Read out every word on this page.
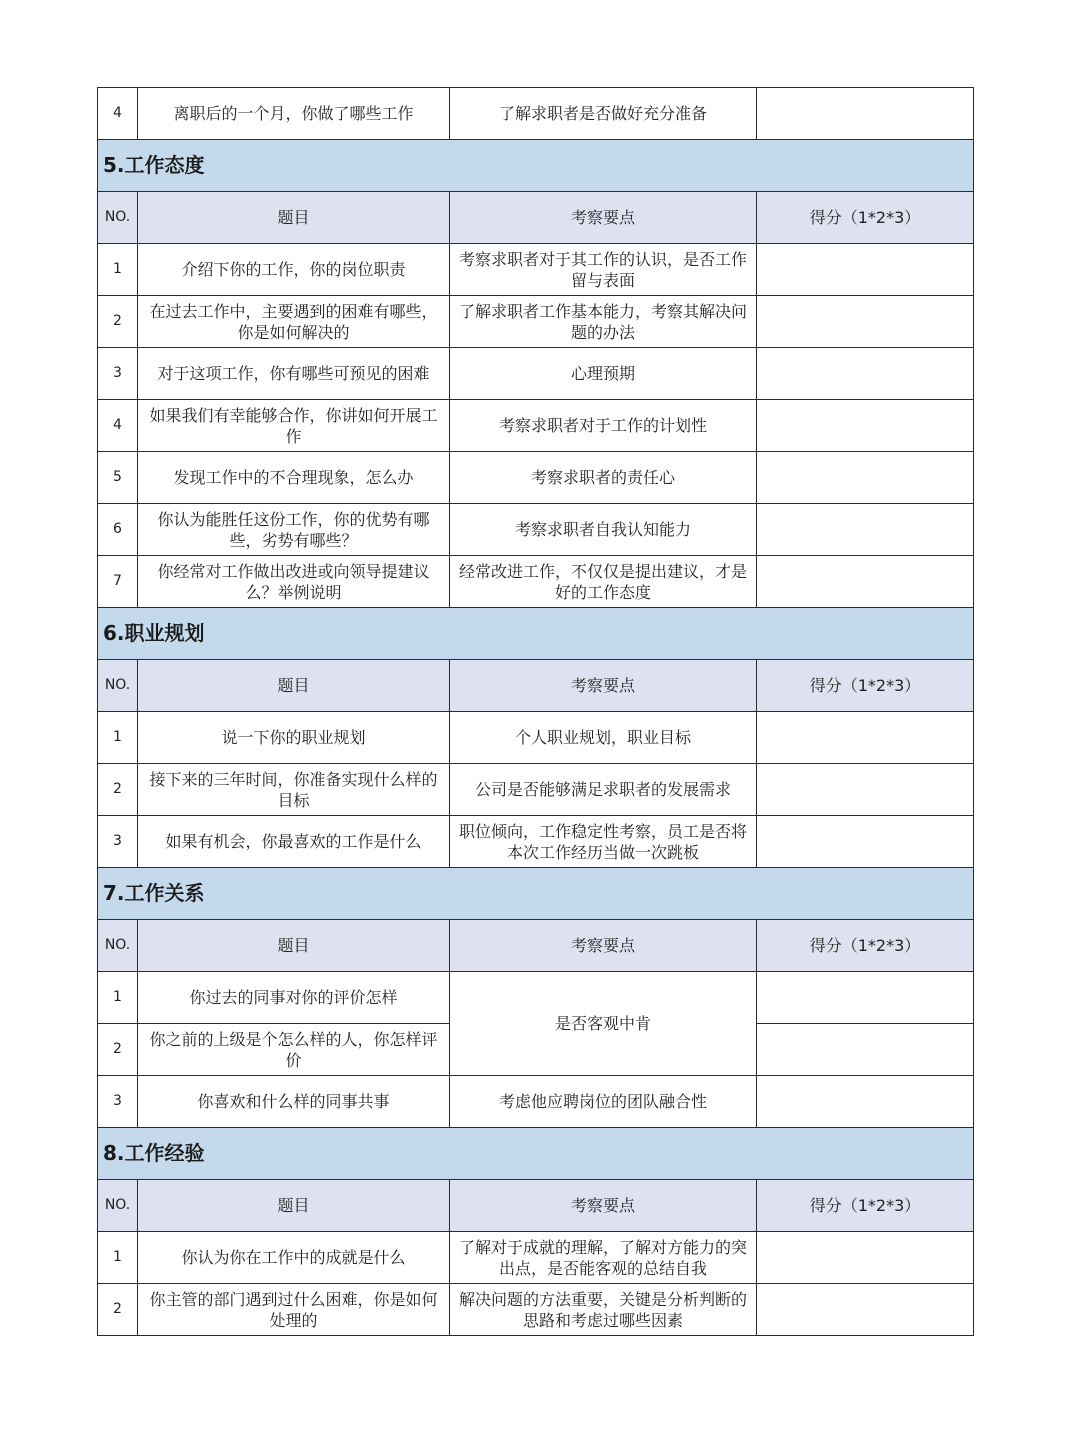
4	离职后的一个月，你做了哪些工作	了解求职者是否做好充分准备	
5.工作态度			
NO.	题目	考察要点	得分（1*2*3）
1	介绍下你的工作，你的岗位职责	考察求职者对于其工作的认识，是否工作留与表面	
2	在过去工作中，主要遇到的困难有哪些，你是如何解决的	了解求职者工作基本能力，考察其解决问题的办法	
3	对于这项工作，你有哪些可预见的困难	心理预期	
4	如果我们有幸能够合作，你讲如何开展工作	考察求职者对于工作的计划性	
5	发现工作中的不合理现象，怎么办	考察求职者的责任心	
6	你认为能胜任这份工作，你的优势有哪些，劣势有哪些？	考察求职者自我认知能力	
7	你经常对工作做出改进或向领导提建议么？举例说明	经常改进工作，不仅仅是提出建议，才是好的工作态度	
6.职业规划			
NO.	题目	考察要点	得分（1*2*3）
1	说一下你的职业规划	个人职业规划，职业目标	
2	接下来的三年时间，你准备实现什么样的目标	公司是否能够满足求职者的发展需求	
3	如果有机会，你最喜欢的工作是什么	职位倾向，工作稳定性考察，员工是否将本次工作经历当做一次跳板	
7.工作关系			
NO.	题目	考察要点	得分（1*2*3）
1	你过去的同事对你的评价怎样	是否客观中肯	
2	你之前的上级是个怎么样的人，你怎样评价		
3	你喜欢和什么样的同事共事	考虑他应聘岗位的团队融合性	
8.工作经验			
NO.	题目	考察要点	得分（1*2*3）
1	你认为你在工作中的成就是什么	了解对于成就的理解，了解对方能力的突出点，是否能客观的总结自我	
2	你主管的部门遇到过什么困难，你是如何处理的	解决问题的方法重要，关键是分析判断的思路和考虑过哪些因素	
